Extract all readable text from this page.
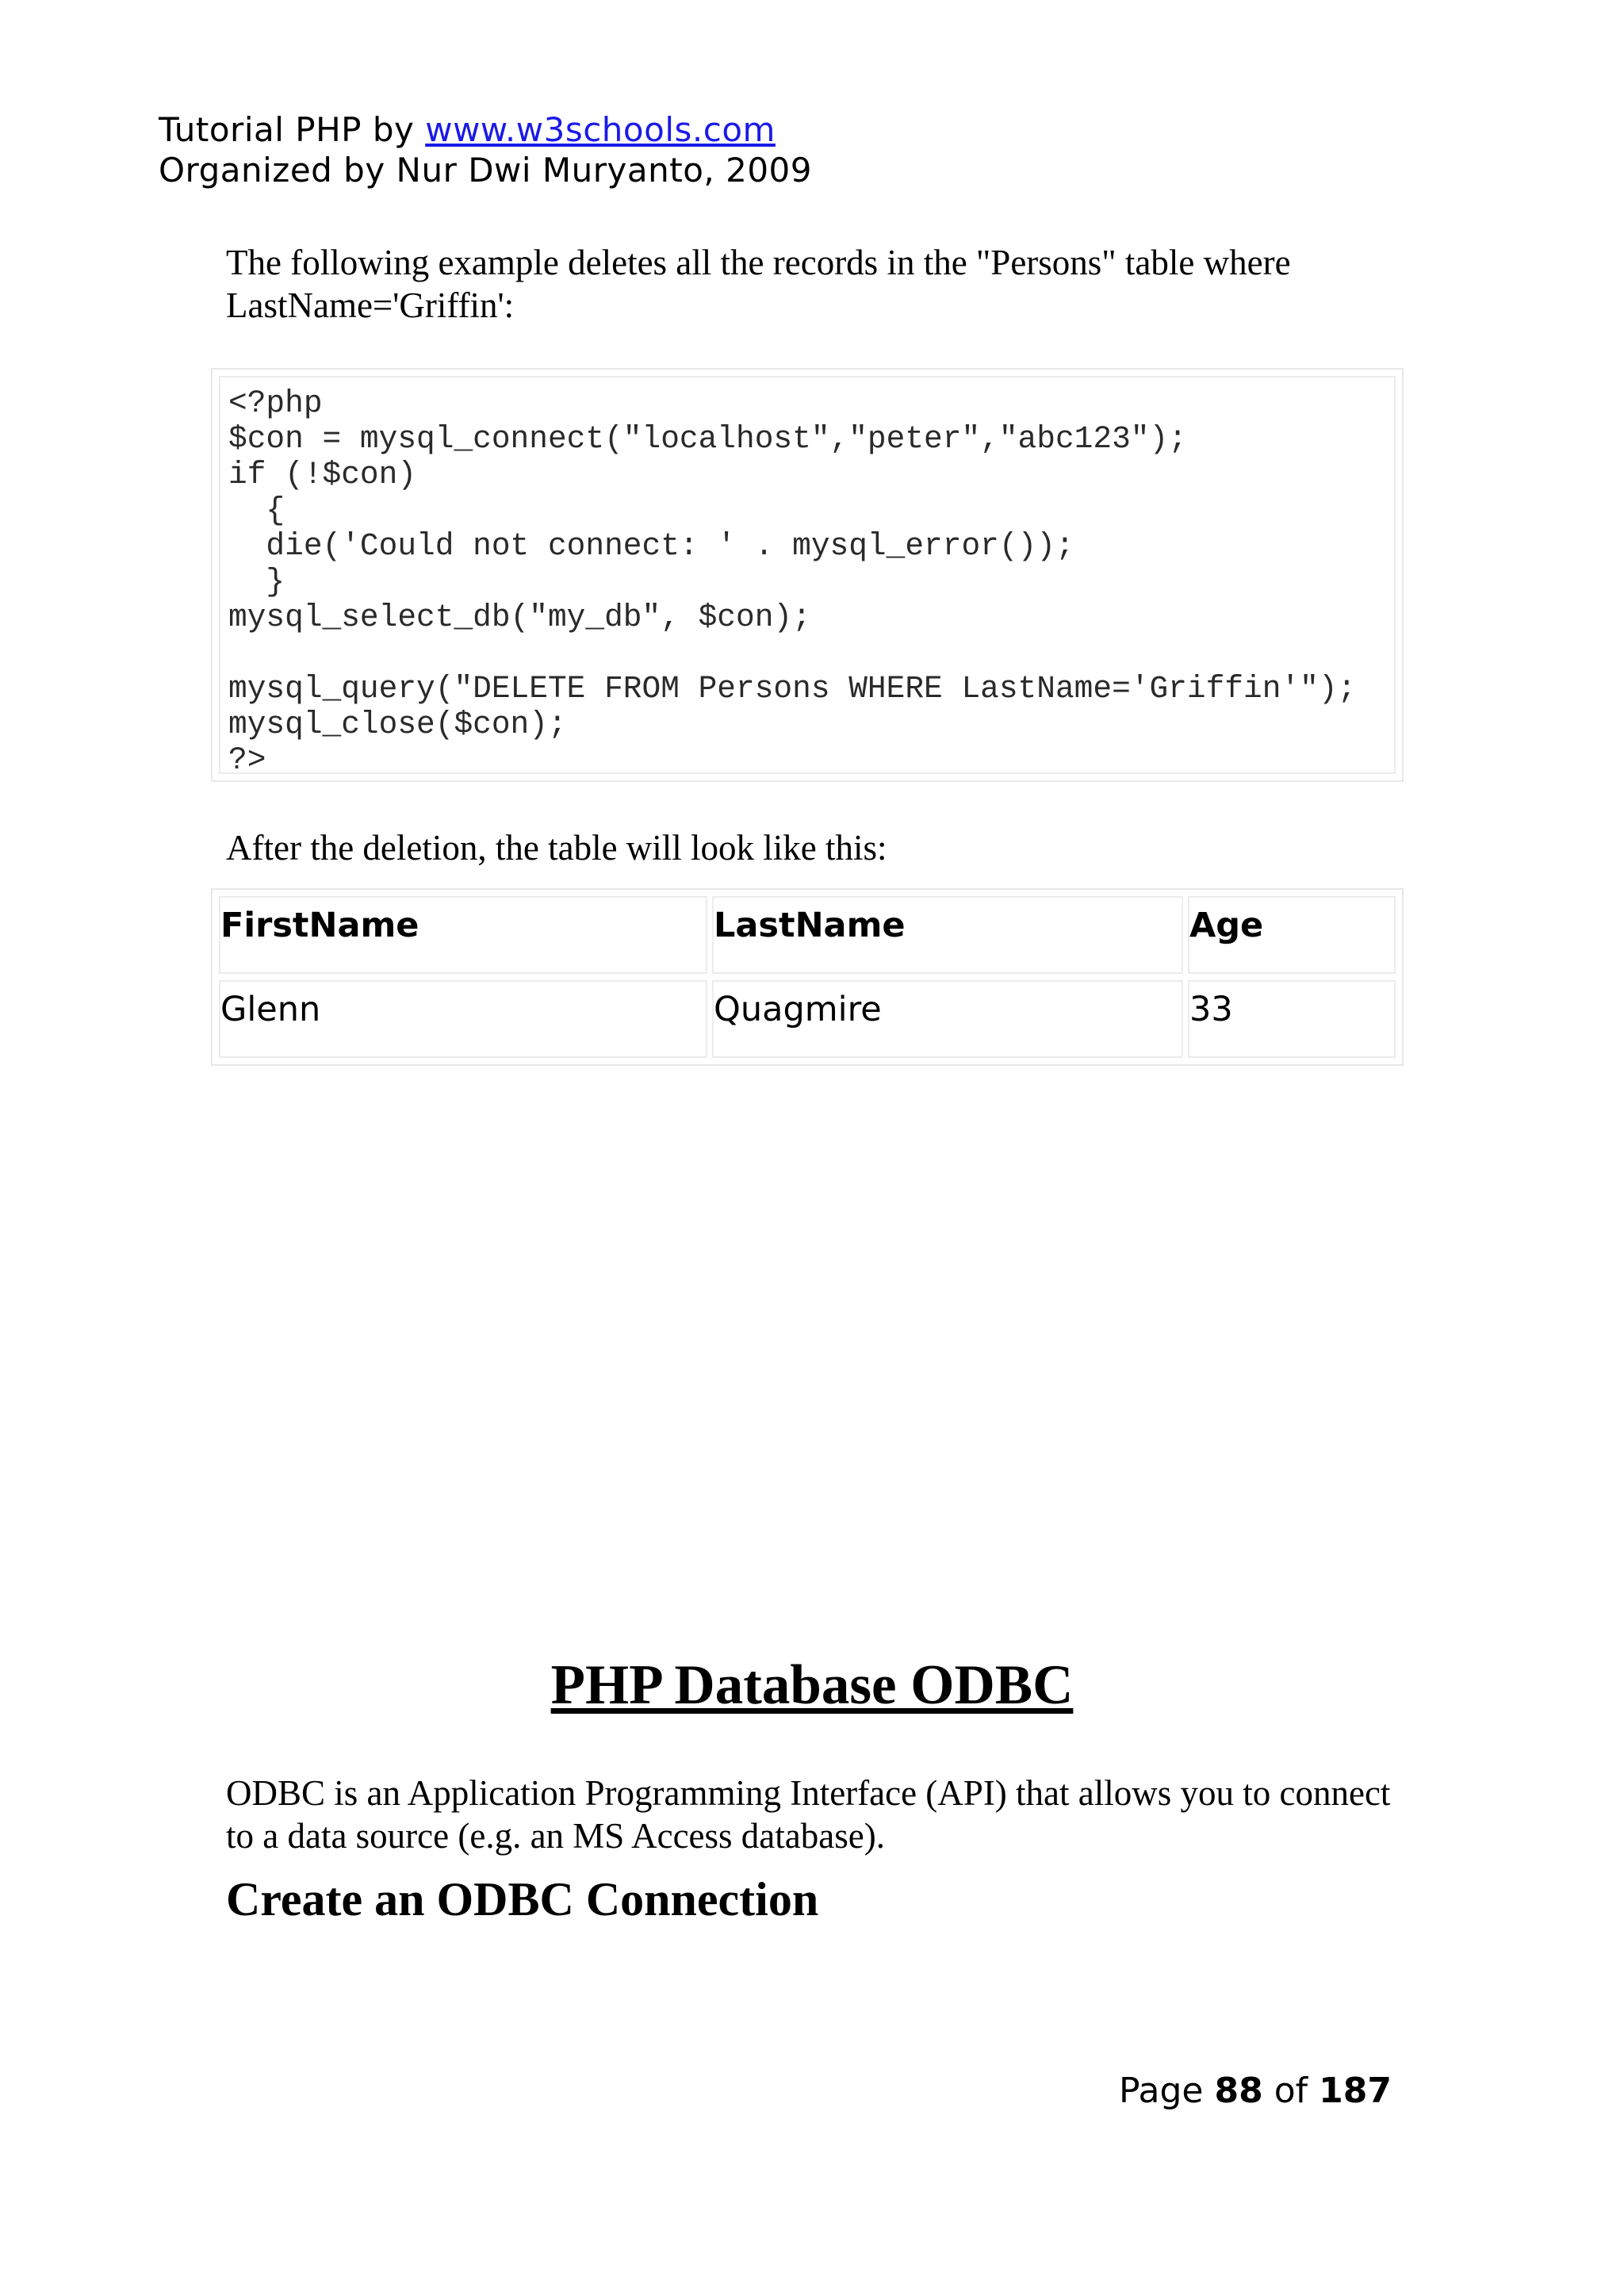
Tutorial PHP by www.w3schools.com
Organized by Nur Dwi Muryanto, 2009
The following example deletes all the records in the "Persons" table where LastName='Griffin':
<?php
$con = mysql_connect("localhost","peter","abc123");
if (!$con)
{
die('Could not connect: ' . mysql_error());
}
mysql_select_db("my_db", $con);

mysql_query("DELETE FROM Persons WHERE LastName='Griffin'");
mysql_close($con);
?>
After the deletion, the table will look like this:
FirstName	LastName	Age
Glenn	Quagmire	33
PHP Database ODBC
ODBC is an Application Programming Interface (API) that allows you to connect to a data source (e.g. an MS Access database).
Create an ODBC Connection
Page 88 of 187
